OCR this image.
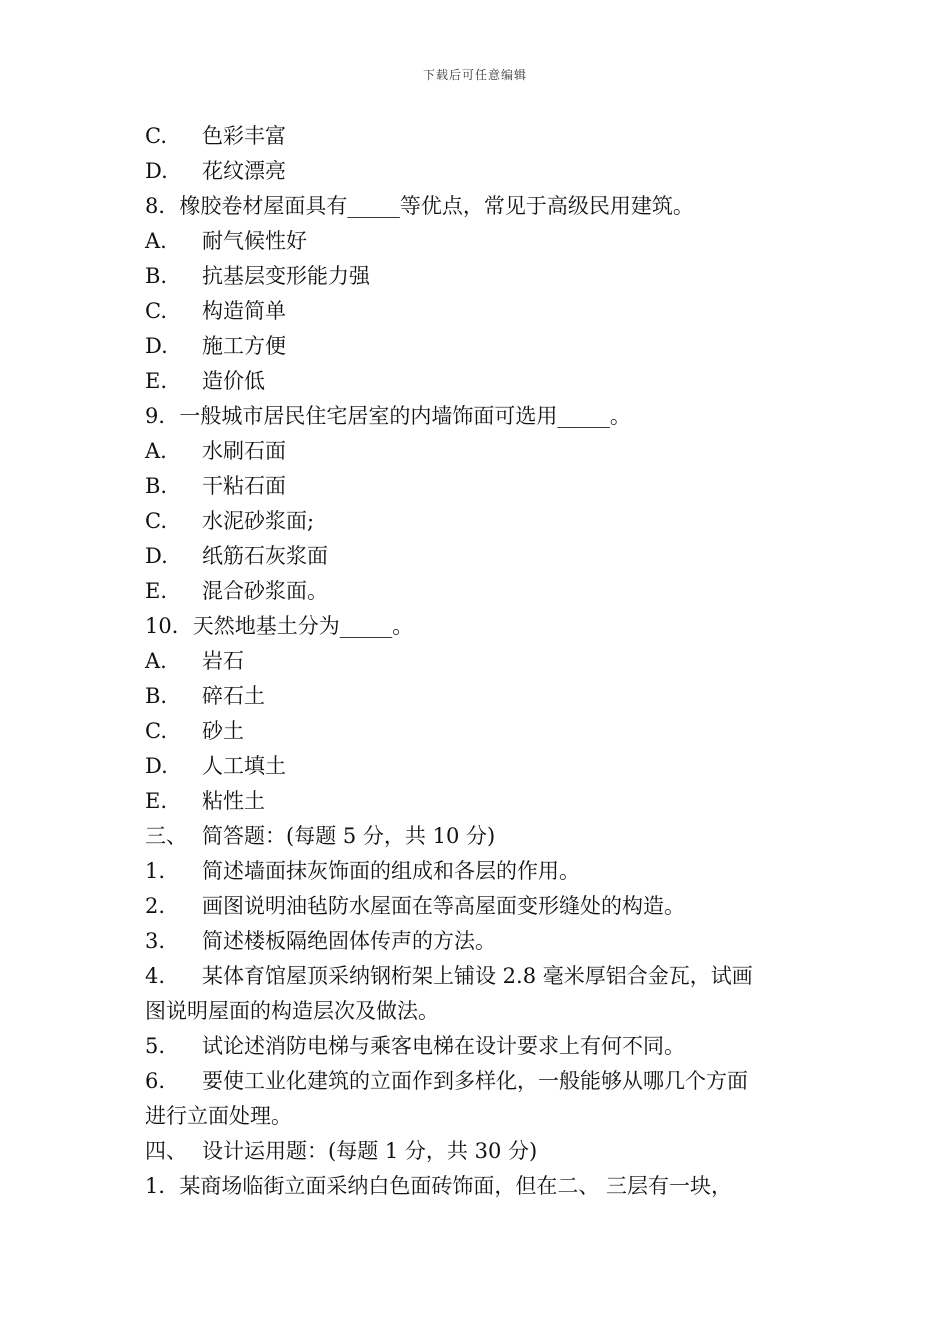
下载后可任意编辑
C. 色彩丰富
D. 花纹漂亮
8．橡胶卷材屋面具有_____等优点，常见于高级民用建筑。
A. 耐气候性好
B. 抗基层变形能力强
C. 构造简单
D. 施工方便
E. 造价低
9．一般城市居民住宅居室的内墙饰面可选用_____。
A. 水刷石面
B. 干粘石面
C. 水泥砂浆面;
D. 纸筋石灰浆面
E. 混合砂浆面。
10．天然地基土分为_____。
A. 岩石
B. 碎石土
C. 砂土
D. 人工填土
E. 粘性土
三、 简答题：(每题 5 分，共 10 分)
1. 简述墙面抹灰饰面的组成和各层的作用。
2. 画图说明油毡防水屋面在等高屋面变形缝处的构造。
3. 简述楼板隔绝固体传声的方法。
4. 某体育馆屋顶采纳钢桁架上铺设 2.8 毫米厚铝合金瓦，试画
图说明屋面的构造层次及做法。
5. 试论述消防电梯与乘客电梯在设计要求上有何不同。
6. 要使工业化建筑的立面作到多样化，一般能够从哪几个方面
进行立面处理。
四、 设计运用题：(每题 1 分，共 30 分)
1．某商场临街立面采纳白色面砖饰面，但在二、 三层有一块，
